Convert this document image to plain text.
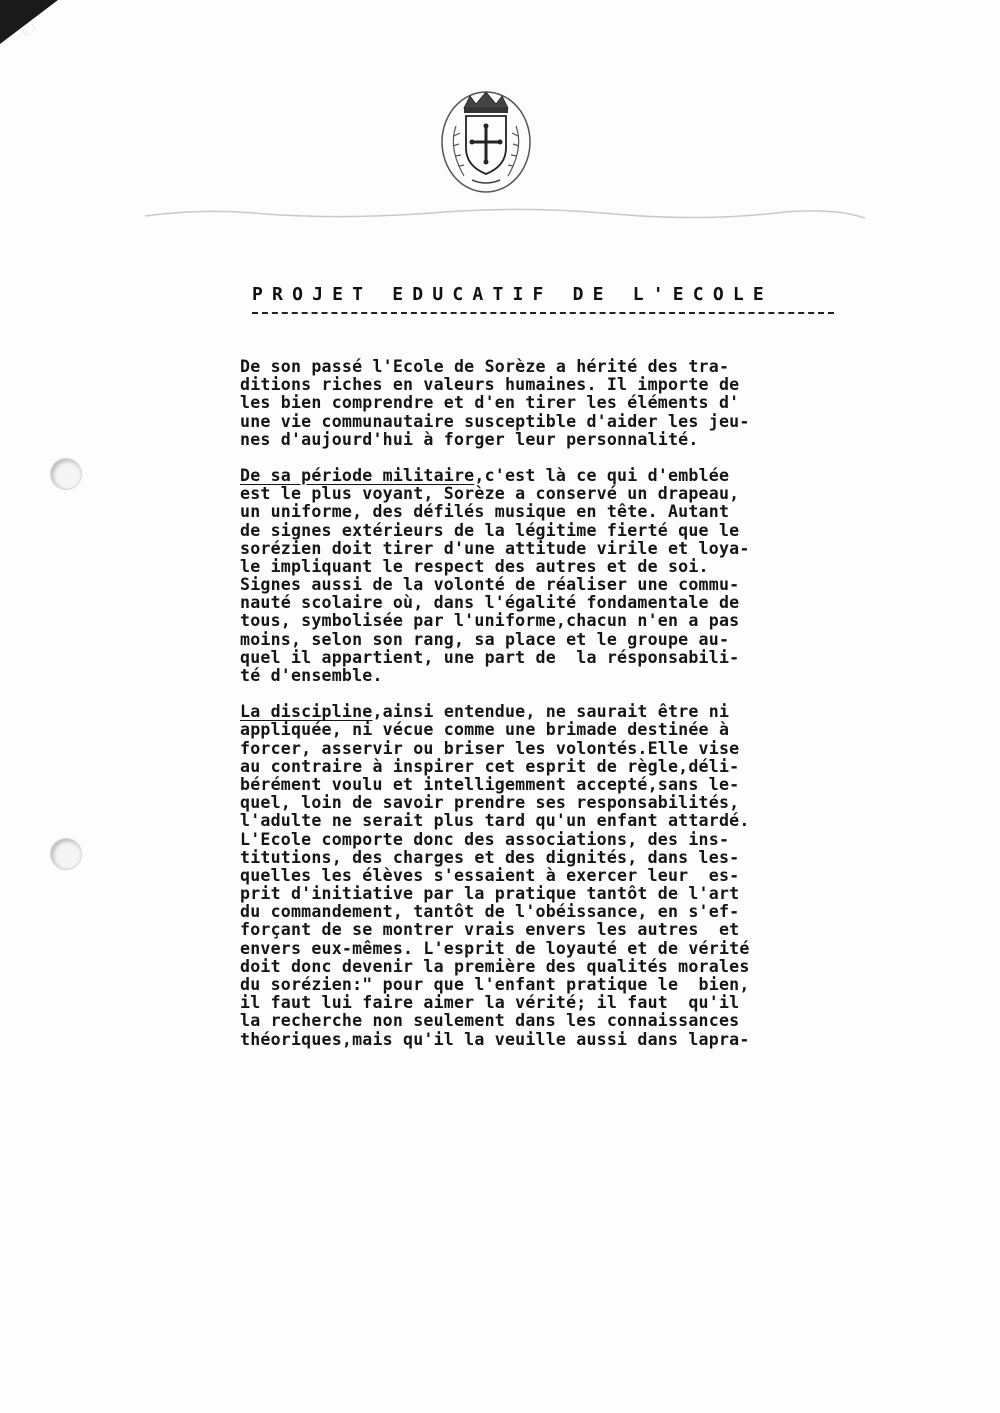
E.I.
PROJET EDUCATIF DE L'ECOLE
De son passé l'Ecole de Sorèze a hérité des tra-
ditions riches en valeurs humaines. Il importe de
les bien comprendre et d'en tirer les éléments d'
une vie communautaire susceptible d'aider les jeu-
nes d'aujourd'hui à forger leur personnalité.
De sa période militaire,c'est là ce qui d'emblée
est le plus voyant, Sorèze a conservé un drapeau,
un uniforme, des défilés musique en tête. Autant
de signes extérieurs de la légitime fierté que le
sorézien doit tirer d'une attitude virile et loya-
le impliquant le respect des autres et de soi.
Signes aussi de la volonté de réaliser une commu-
nauté scolaire où, dans l'égalité fondamentale de
tous, symbolisée par l'uniforme,chacun n'en a pas
moins, selon son rang, sa place et le groupe au-
quel il appartient, une part de  la résponsabili-
té d'ensemble.
La discipline,ainsi entendue, ne saurait être ni
appliquée, ni vécue comme une brimade destinée à
forcer, asservir ou briser les volontés.Elle vise
au contraire à inspirer cet esprit de règle,déli-
bérément voulu et intelligemment accepté,sans le-
quel, loin de savoir prendre ses responsabilités,
l'adulte ne serait plus tard qu'un enfant attardé.
L'Ecole comporte donc des associations, des ins-
titutions, des charges et des dignités, dans les-
quelles les élèves s'essaient à exercer leur  es-
prit d'initiative par la pratique tantôt de l'art
du commandement, tantôt de l'obéissance, en s'ef-
forçant de se montrer vrais envers les autres  et
envers eux-mêmes. L'esprit de loyauté et de vérité
doit donc devenir la première des qualités morales
du sorézien:" pour que l'enfant pratique le  bien,
il faut lui faire aimer la vérité; il faut  qu'il
la recherche non seulement dans les connaissances
théoriques,mais qu'il la veuille aussi dans lapra-
